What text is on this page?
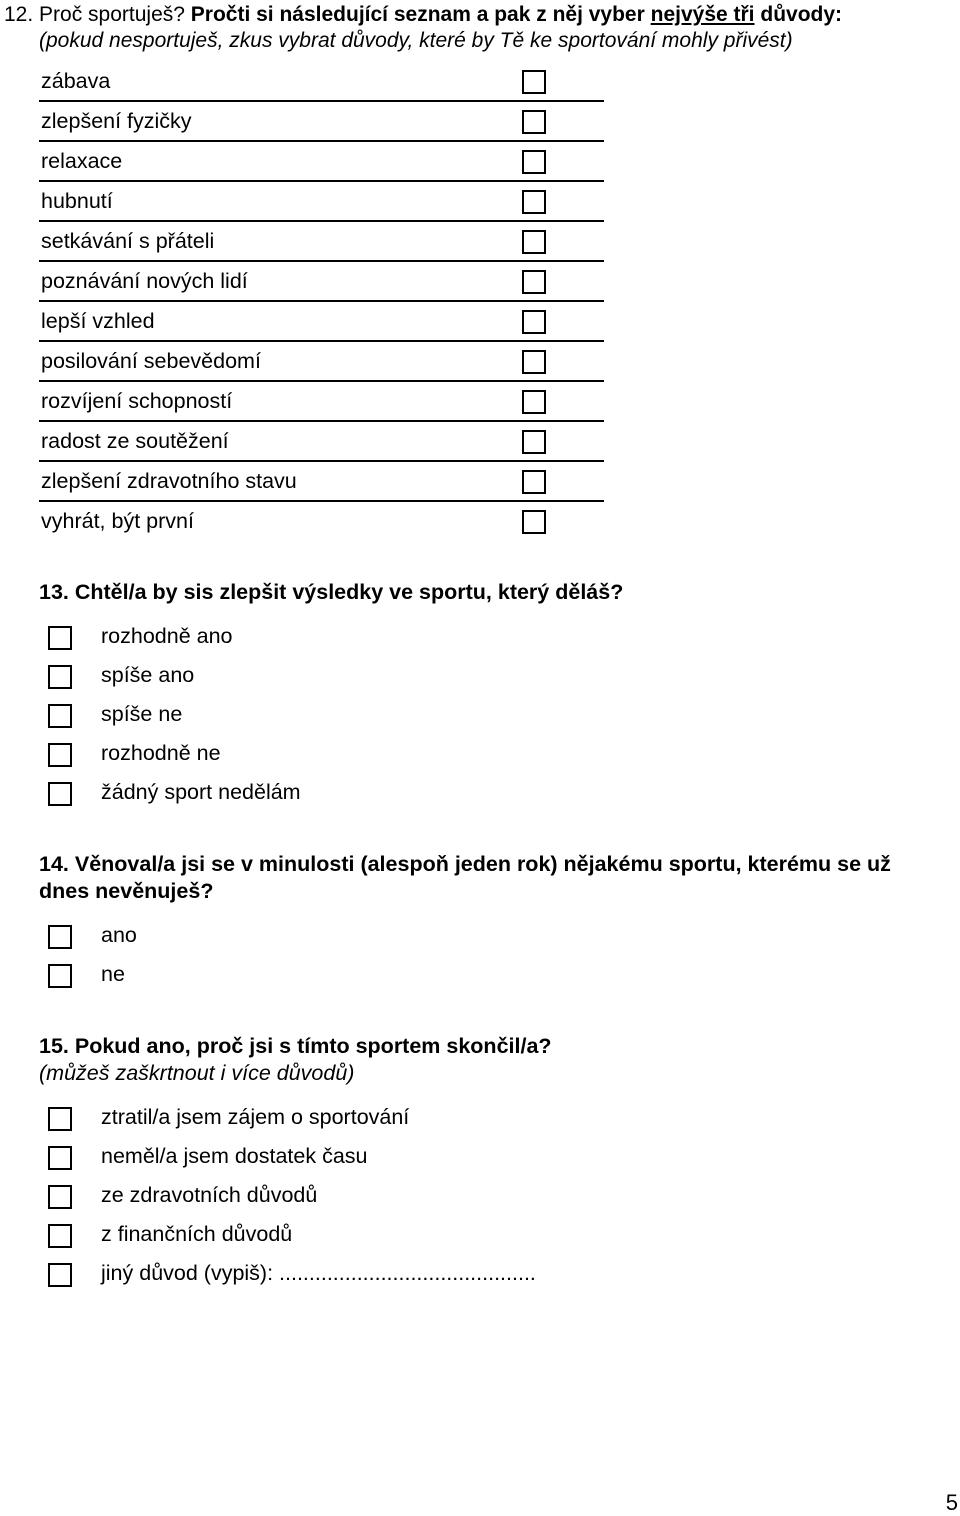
12. Proč sportuješ? Pročti si následující seznam a pak z něj vyber nejvýše tři důvody:
(pokud nesportuješ, zkus vybrat důvody, které by Tě ke sportování mohly přivést)
zábava
zlepšení fyzičky
relaxace
hubnutí
setkávání s přáteli
poznávání nových lidí
lepší vzhled
posilování sebevědomí
rozvíjení schopností
radost ze soutěžení
zlepšení zdravotního stavu
vyhrát, být první
13. Chtěl/a by sis zlepšit výsledky ve sportu, který děláš?
rozhodně ano
spíše ano
spíše ne
rozhodně ne
žádný sport nedělám
14. Věnoval/a jsi se v minulosti (alespoň jeden rok) nějakému sportu, kterému se už dnes nevěnuješ?
ano
ne
15. Pokud ano, proč jsi s tímto sportem skončil/a?
(můžeš zaškrtnout i více důvodů)
ztratil/a jsem zájem o sportování
neměl/a jsem dostatek času
ze zdravotních důvodů
z finančních důvodů
jiný důvod (vypiš): ...........................................
5
